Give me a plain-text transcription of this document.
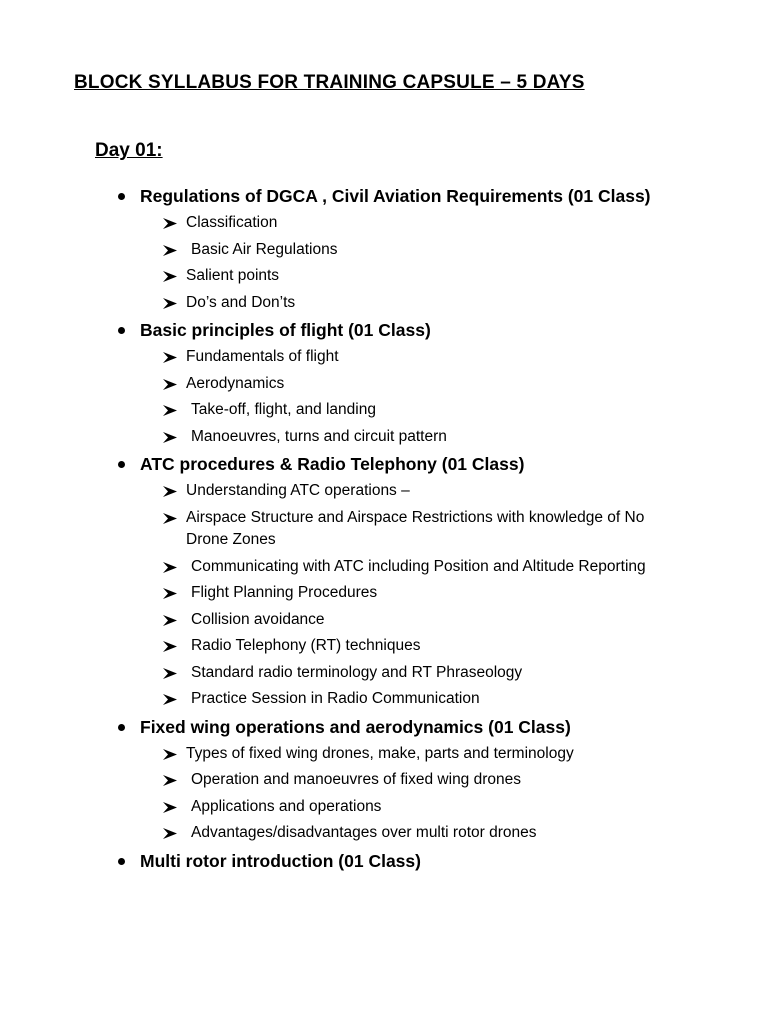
BLOCK SYLLABUS FOR TRAINING CAPSULE – 5 DAYS
Day 01:
Regulations of DGCA , Civil Aviation Requirements (01 Class)
Classification
Basic Air Regulations
Salient points
Do’s and Don’ts
Basic principles of flight (01 Class)
Fundamentals of flight
Aerodynamics
Take-off, flight, and landing
Manoeuvres, turns and circuit pattern
ATC procedures & Radio Telephony (01 Class)
Understanding ATC operations –
Airspace Structure and Airspace Restrictions with knowledge of No Drone Zones
Communicating with ATC including Position and Altitude Reporting
Flight Planning Procedures
Collision avoidance
Radio Telephony (RT) techniques
Standard radio terminology and RT Phraseology
Practice Session in Radio Communication
Fixed wing operations and aerodynamics (01 Class)
Types of fixed wing drones, make, parts and terminology
Operation and manoeuvres of fixed wing drones
Applications and operations
Advantages/disadvantages over multi rotor drones
Multi rotor introduction (01 Class)
